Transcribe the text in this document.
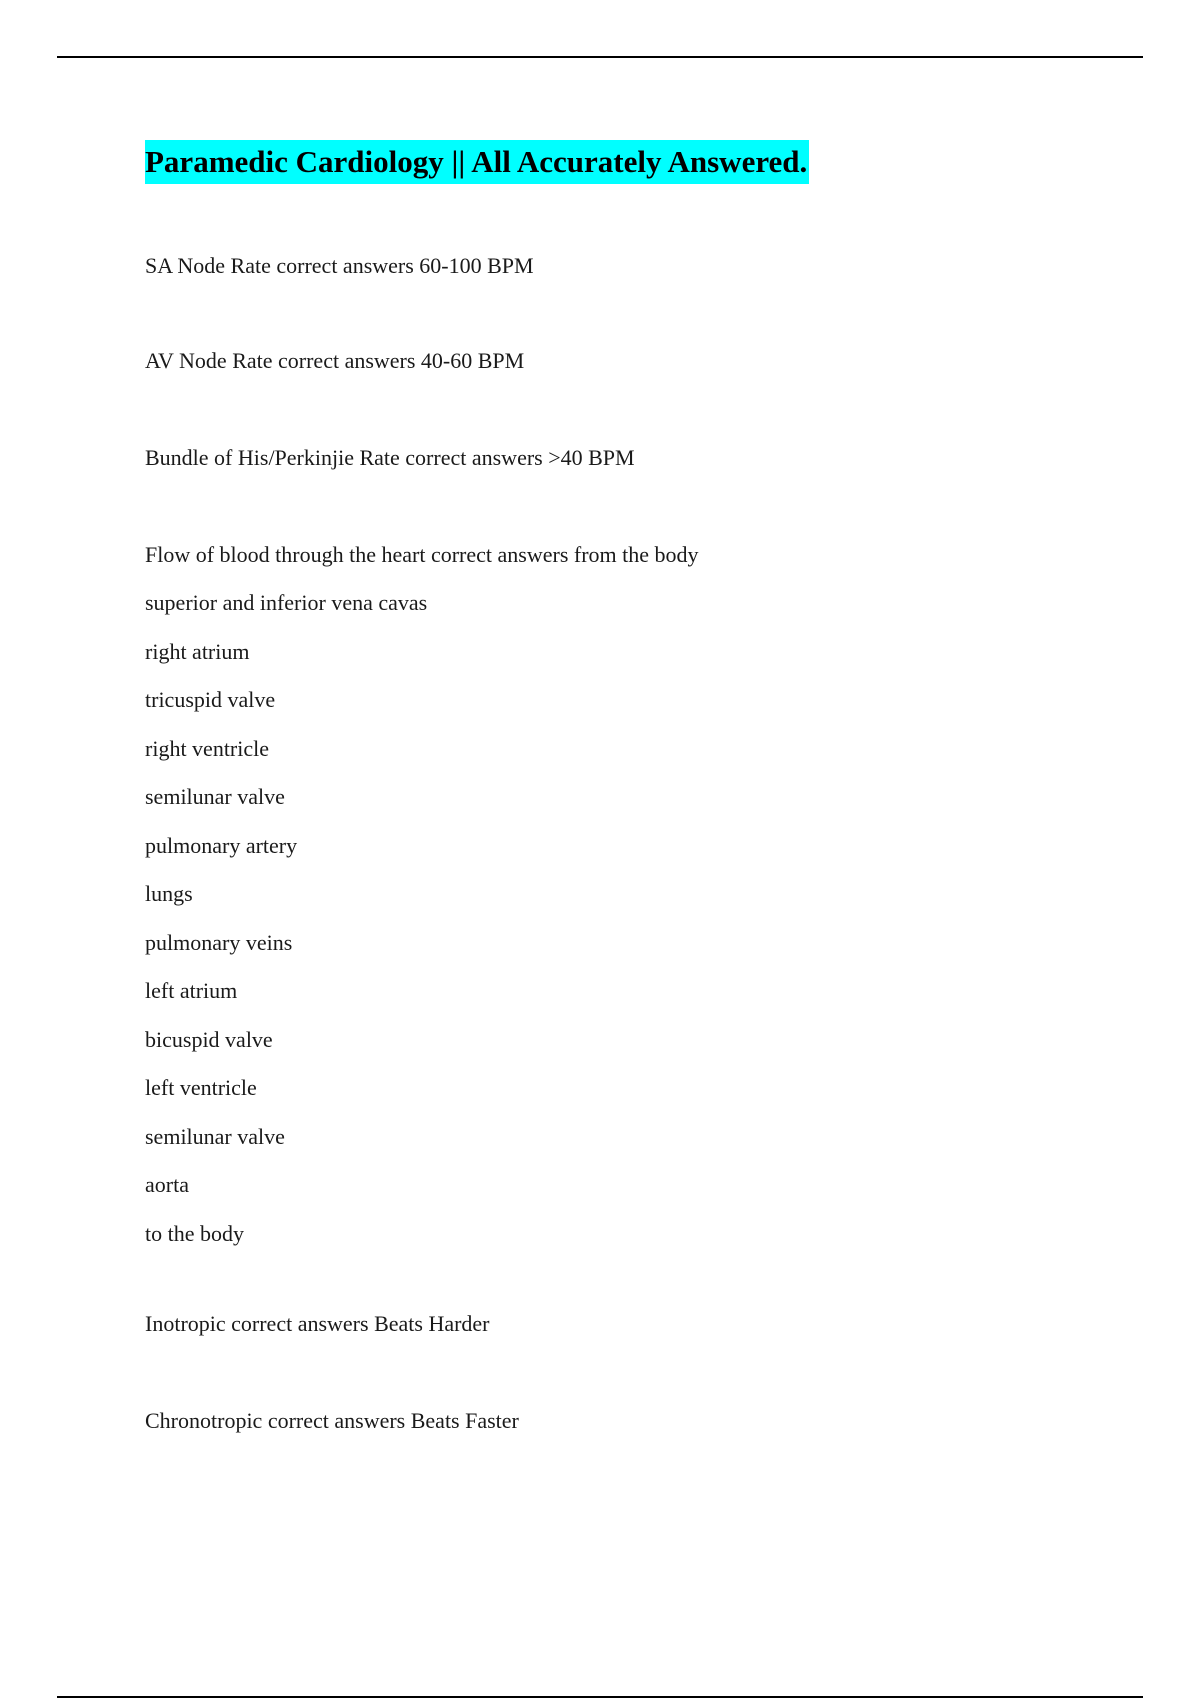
Paramedic Cardiology || All Accurately Answered.

SA Node Rate correct answers 60-100 BPM

AV Node Rate correct answers 40-60 BPM

Bundle of His/Perkinjie Rate correct answers >40 BPM

Flow of blood through the heart correct answers from the body

superior and inferior vena cavas
right atrium
tricuspid valve
right ventricle
semilunar valve
pulmonary artery
lungs
pulmonary veins
left atrium
bicuspid valve
left ventricle
semilunar valve
aorta
to the body

Inotropic correct answers Beats Harder

Chronotropic correct answers Beats Faster
